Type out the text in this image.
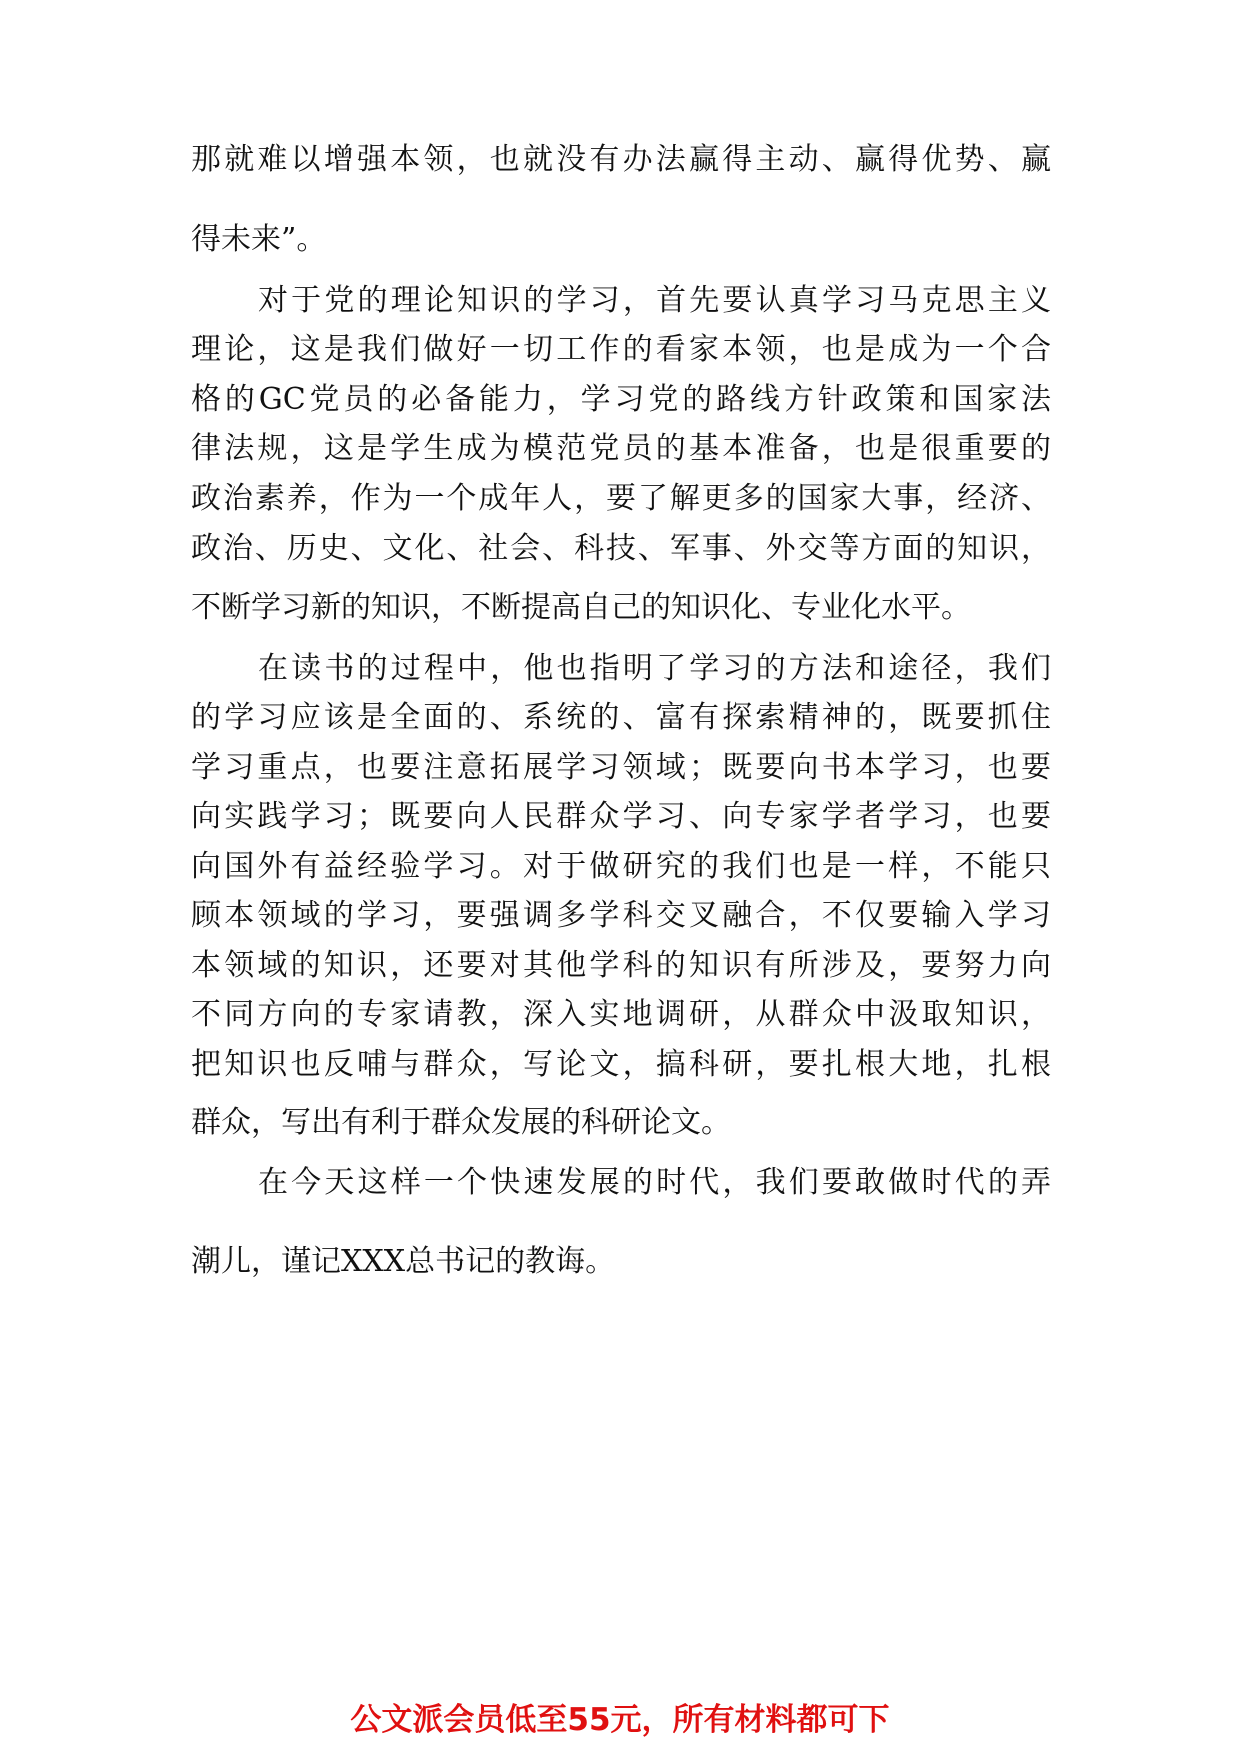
那就难以增强本领，也就没有办法赢得主动、赢得优势、赢
得未来”。
对于党的理论知识的学习，首先要认真学习马克思主义
理论，这是我们做好一切工作的看家本领，也是成为一个合
格的GC党员的必备能力，学习党的路线方针政策和国家法
律法规，这是学生成为模范党员的基本准备，也是很重要的
政治素养，作为一个成年人，要了解更多的国家大事，经济、
政治、历史、文化、社会、科技、军事、外交等方面的知识，
不断学习新的知识，不断提高自己的知识化、专业化水平。
在读书的过程中，他也指明了学习的方法和途径，我们
的学习应该是全面的、系统的、富有探索精神的，既要抓住
学习重点，也要注意拓展学习领域；既要向书本学习，也要
向实践学习；既要向人民群众学习、向专家学者学习，也要
向国外有益经验学习。对于做研究的我们也是一样，不能只
顾本领域的学习，要强调多学科交叉融合，不仅要输入学习
本领域的知识，还要对其他学科的知识有所涉及，要努力向
不同方向的专家请教，深入实地调研，从群众中汲取知识，
把知识也反哺与群众，写论文，搞科研，要扎根大地，扎根
群众，写出有利于群众发展的科研论文。
在今天这样一个快速发展的时代，我们要敢做时代的弄
潮儿，谨记XXX总书记的教诲。
公文派会员低至55元，所有材料都可下
